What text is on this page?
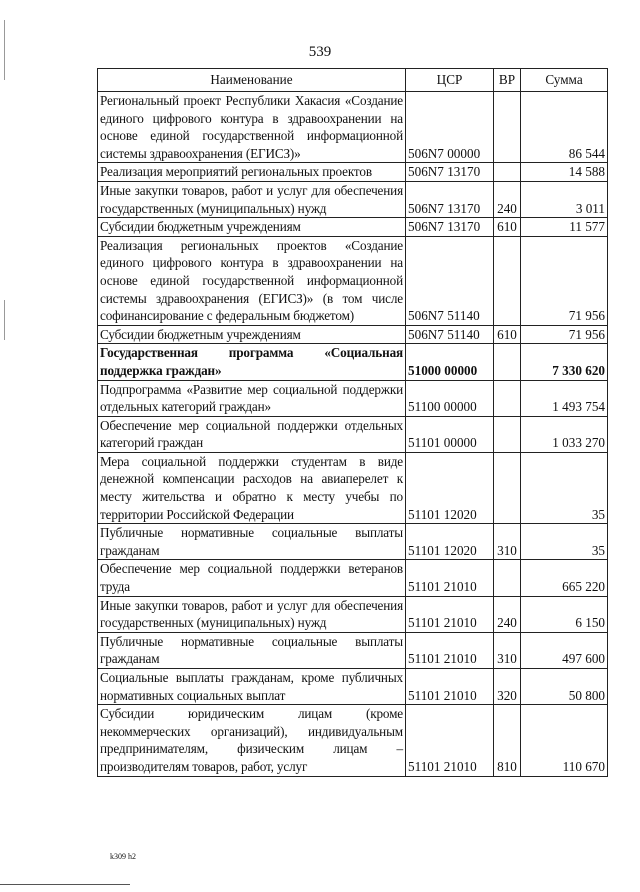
539
Наименование	ЦСР	ВР	Сумма
Региональный проект Республики Хакасия «Создание единого цифрового контура в здравоохранении на основе единой государственной информационной системы здравоохранения (ЕГИСЗ)»	506N7 00000		86 544
Реализация мероприятий региональных проектов	506N7 13170		14 588
Иные закупки товаров, работ и услуг для обеспечения государственных (муниципальных) нужд	506N7 13170	240	3 011
Субсидии бюджетным учреждениям	506N7 13170	610	11 577
Реализация региональных проектов «Создание единого цифрового контура в здравоохранении на основе единой государственной информационной системы здравоохранения (ЕГИСЗ)» (в том числе софинансирование с федеральным бюджетом)	506N7 51140		71 956
Субсидии бюджетным учреждениям	506N7 51140	610	71 956
Государственная программа «Социальная поддержка граждан»	51000 00000		7 330 620
Подпрограмма «Развитие мер социальной поддержки отдельных категорий граждан»	51100 00000		1 493 754
Обеспечение мер социальной поддержки отдельных категорий граждан	51101 00000		1 033 270
Мера социальной поддержки студентам в виде денежной компенсации расходов на авиаперелет к месту жительства и обратно к месту учебы по территории Российской Федерации	51101 12020		35
Публичные нормативные социальные выплаты гражданам	51101 12020	310	35
Обеспечение мер социальной поддержки ветеранов труда	51101 21010		665 220
Иные закупки товаров, работ и услуг для обеспечения государственных (муниципальных) нужд	51101 21010	240	6 150
Публичные нормативные социальные выплаты гражданам	51101 21010	310	497 600
Социальные выплаты гражданам, кроме публичных нормативных социальных выплат	51101 21010	320	50 800
Субсидии юридическим лицам (кроме некоммерческих организаций), индивидуальным предпринимателям, физическим лицам – производителям товаров, работ, услуг	51101 21010	810	110 670
k309 h2
